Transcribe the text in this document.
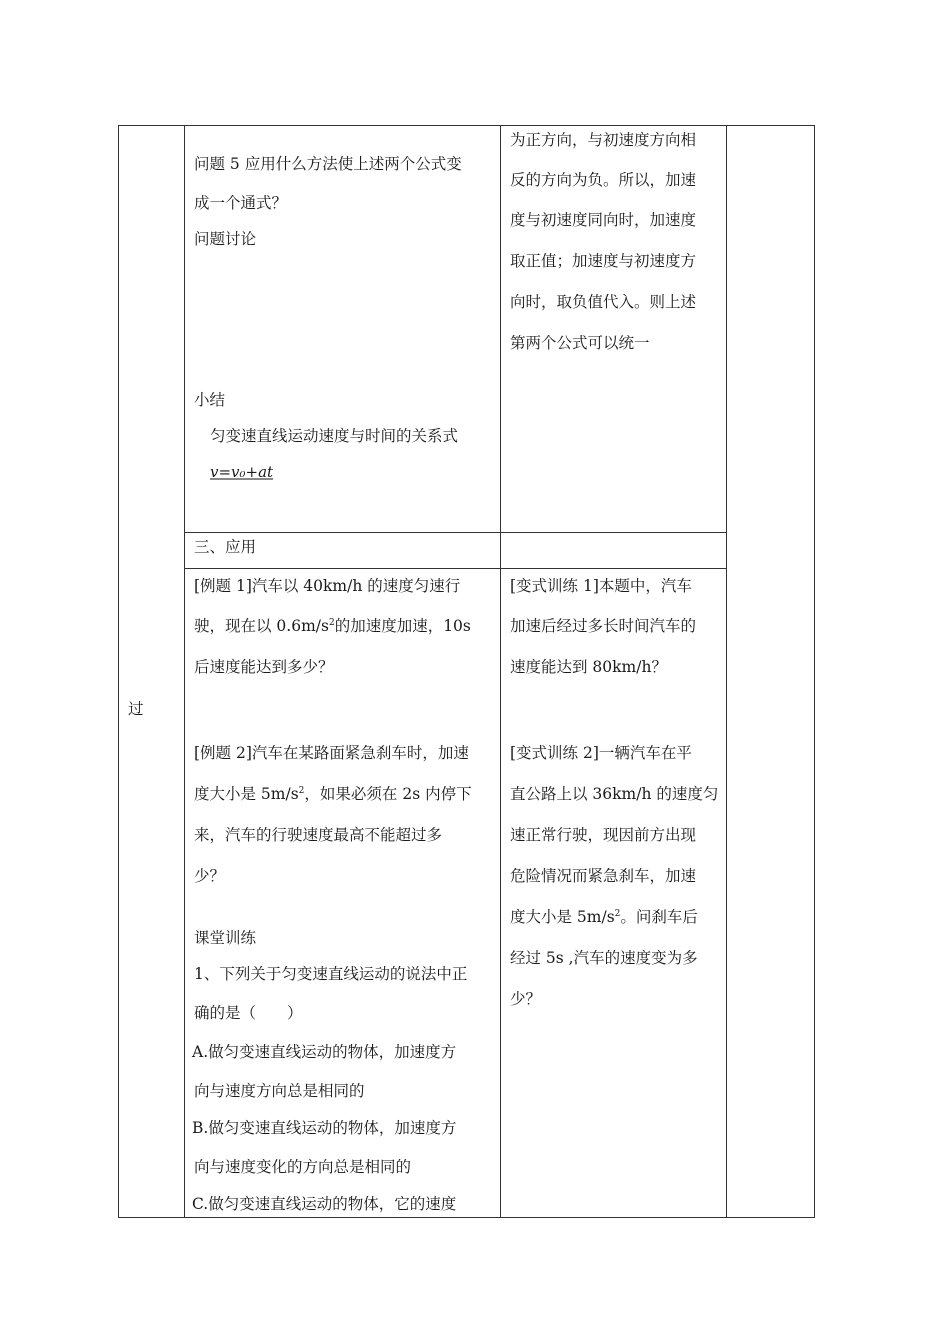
过
问题 5 应用什么方法使上述两个公式变
成一个通式？
问题讨论
小结
匀变速直线运动速度与时间的关系式
v=v₀+at
三、应用
[例题 1]汽车以 40km/h 的速度匀速行
驶，现在以 $0.6m/s^2$的加速度加速，10s
后速度能达到多少？
[例题 2]汽车在某路面紧急刹车时，加速
度大小是 $5m/s^2$，如果必须在 2s 内停下
来，汽车的行驶速度最高不能超过多
少？
课堂训练
1、下列关于匀变速直线运动的说法中正
确的是（　　）
A.做匀变速直线运动的物体，加速度方
向与速度方向总是相同的
B.做匀变速直线运动的物体，加速度方
向与速度变化的方向总是相同的
C.做匀变速直线运动的物体，它的速度
为正方向，与初速度方向相
反的方向为负。所以，加速
度与初速度同向时，加速度
取正值；加速度与初速度方
向时，取负值代入。则上述
第两个公式可以统一
[变式训练 1]本题中，汽车
加速后经过多长时间汽车的
速度能达到 80km/h？
[变式训练 2]一辆汽车在平
直公路上以 36km/h 的速度匀
速正常行驶，现因前方出现
危险情况而紧急刹车，加速
度大小是 $5m/s^2$。问刹车后
经过 5s ,汽车的速度变为多
少？
